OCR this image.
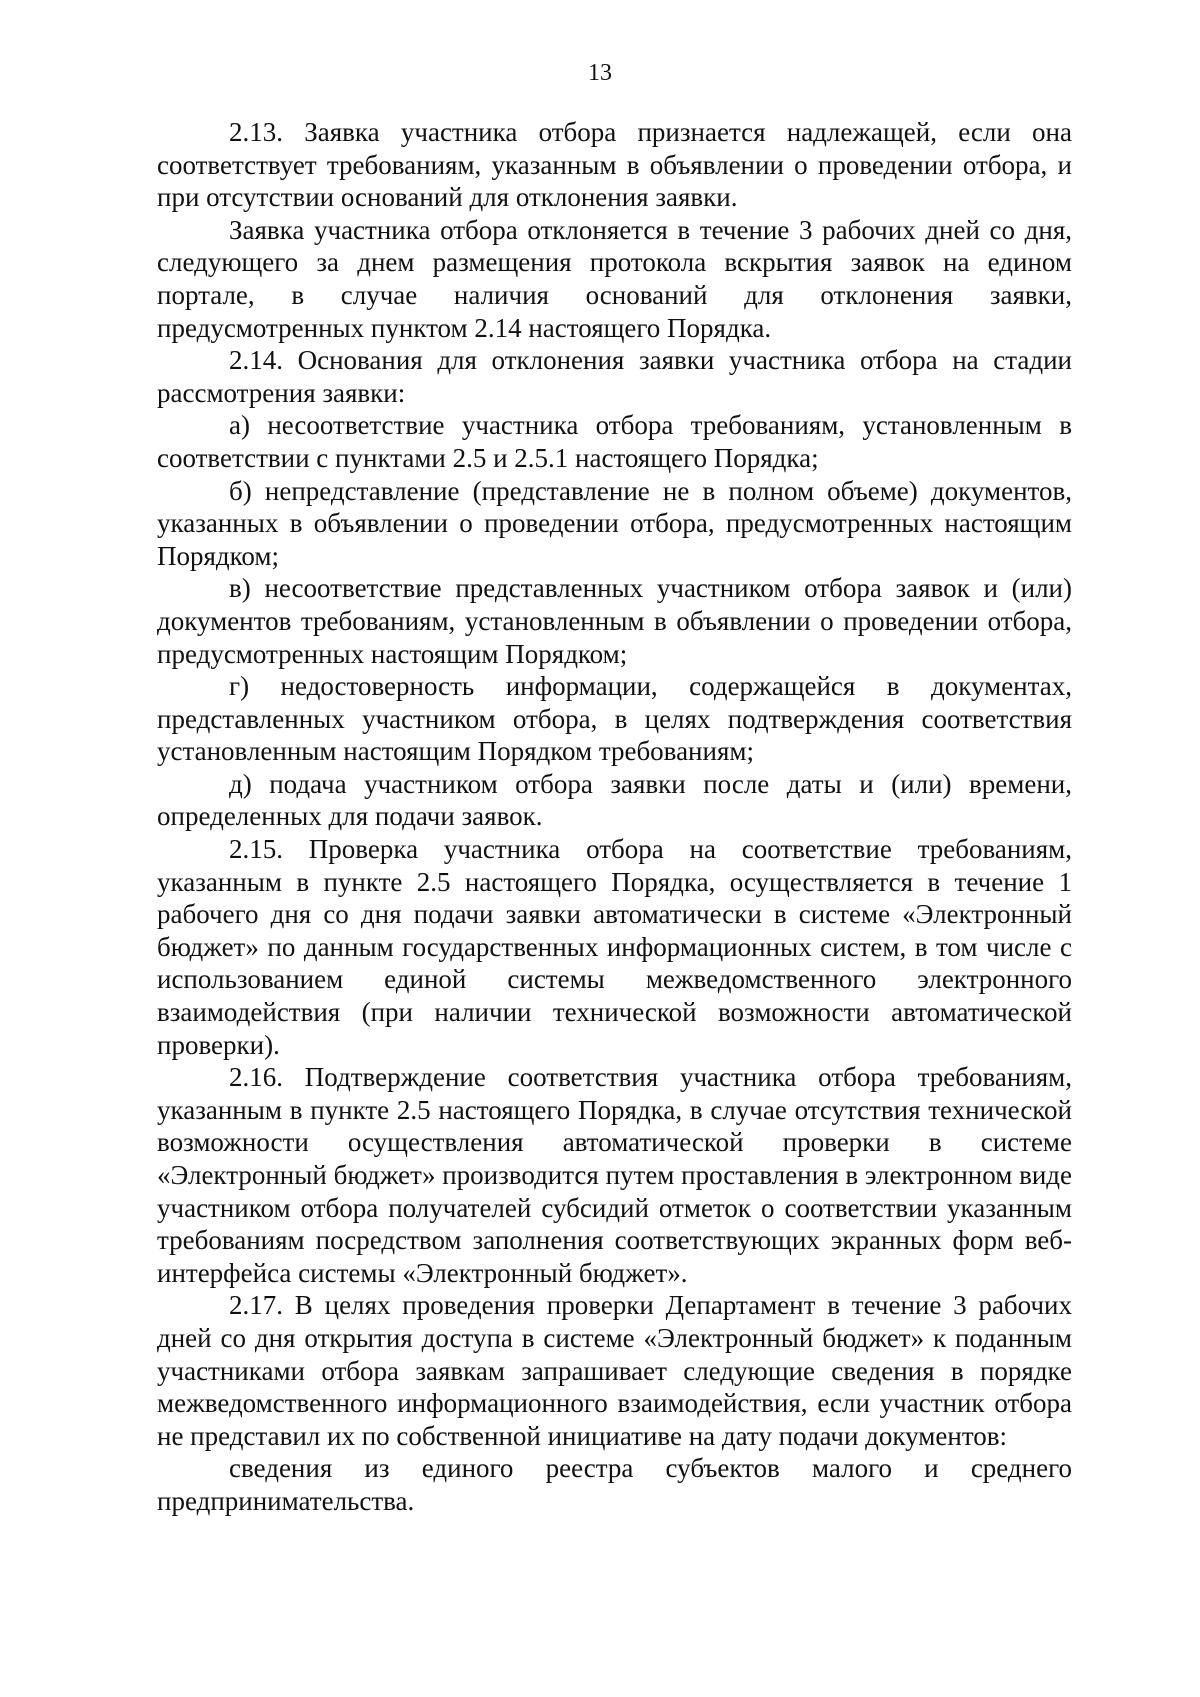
13

2.13. Заявка участника отбора признается надлежащей, если она соответствует требованиям, указанным в объявлении о проведении отбора, и при отсутствии оснований для отклонения заявки.

Заявка участника отбора отклоняется в течение 3 рабочих дней со дня, следующего за днем размещения протокола вскрытия заявок на едином портале, в случае наличия оснований для отклонения заявки, предусмотренных пунктом 2.14 настоящего Порядка.

2.14. Основания для отклонения заявки участника отбора на стадии рассмотрения заявки:

а) несоответствие участника отбора требованиям, установленным в соответствии с пунктами 2.5 и 2.5.1 настоящего Порядка;

б) непредставление (представление не в полном объеме) документов, указанных в объявлении о проведении отбора, предусмотренных настоящим Порядком;

в) несоответствие представленных участником отбора заявок и (или) документов требованиям, установленным в объявлении о проведении отбора, предусмотренных настоящим Порядком;

г) недостоверность информации, содержащейся в документах, представленных участником отбора, в целях подтверждения соответствия установленным настоящим Порядком требованиям;

д) подача участником отбора заявки после даты и (или) времени, определенных для подачи заявок.

2.15. Проверка участника отбора на соответствие требованиям, указанным в пункте 2.5 настоящего Порядка, осуществляется в течение 1 рабочего дня со дня подачи заявки автоматически в системе «Электронный бюджет» по данным государственных информационных систем, в том числе с использованием единой системы межведомственного электронного взаимодействия (при наличии технической возможности автоматической проверки).

2.16. Подтверждение соответствия участника отбора требованиям, указанным в пункте 2.5 настоящего Порядка, в случае отсутствия технической возможности осуществления автоматической проверки в системе «Электронный бюджет» производится путем проставления в электронном виде участником отбора получателей субсидий отметок о соответствии указанным требованиям посредством заполнения соответствующих экранных форм веб-интерфейса системы «Электронный бюджет».

2.17. В целях проведения проверки Департамент в течение 3 рабочих дней со дня открытия доступа в системе «Электронный бюджет» к поданным участниками отбора заявкам запрашивает следующие сведения в порядке межведомственного информационного взаимодействия, если участник отбора не представил их по собственной инициативе на дату подачи документов:

сведения из единого реестра субъектов малого и среднего предпринимательства.
